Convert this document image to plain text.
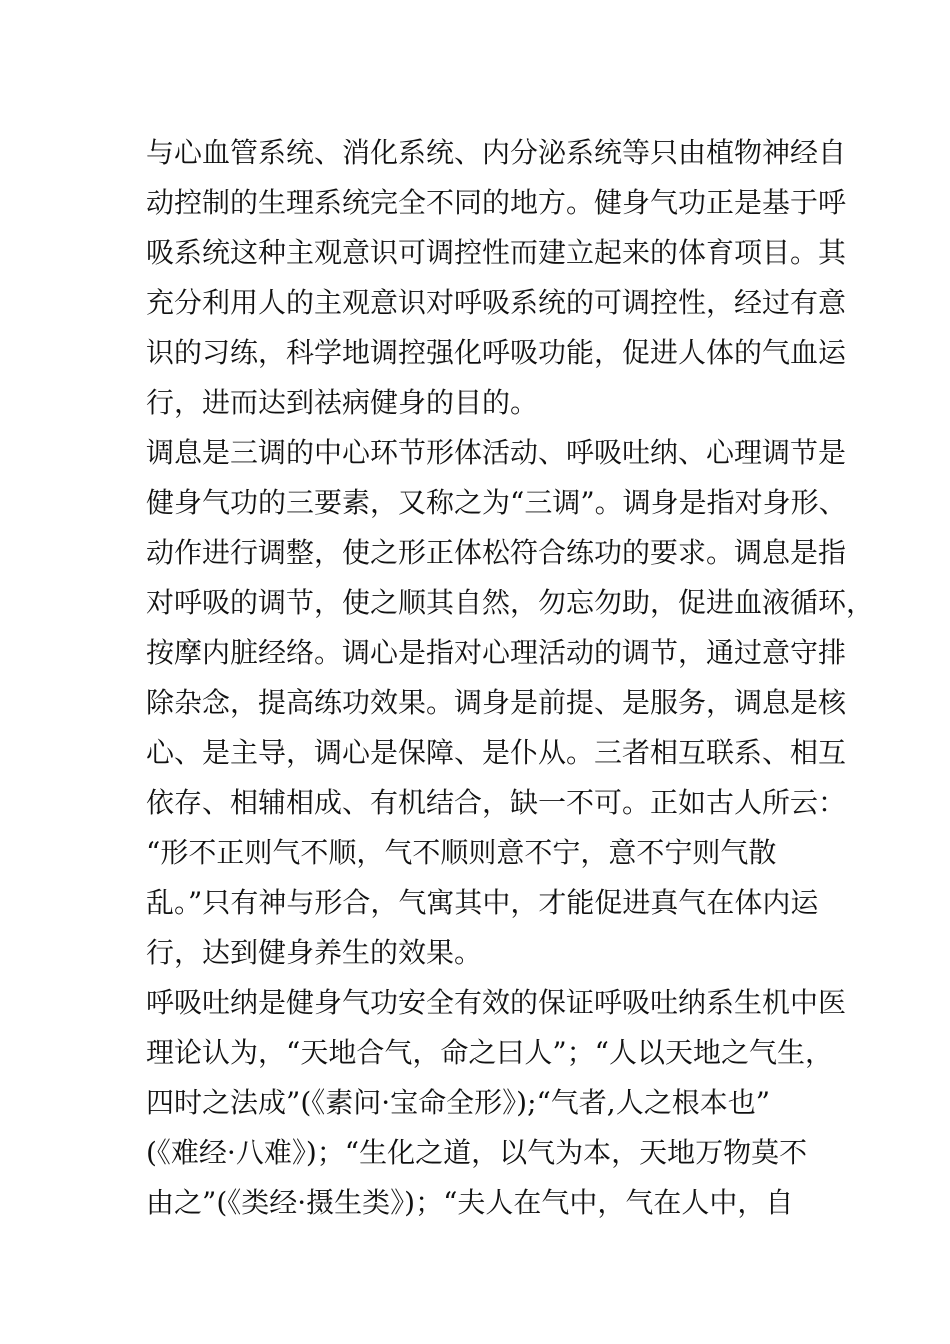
与心血管系统、消化系统、内分泌系统等只由植物神经自
动控制的生理系统完全不同的地方。健身气功正是基于呼
吸系统这种主观意识可调控性而建立起来的体育项目。其
充分利用人的主观意识对呼吸系统的可调控性，经过有意
识的习练，科学地调控强化呼吸功能，促进人体的气血运
行，进而达到祛病健身的目的。
调息是三调的中心环节形体活动、呼吸吐纳、心理调节是
健身气功的三要素，又称之为“三调”。调身是指对身形、
动作进行调整，使之形正体松符合练功的要求。调息是指
对呼吸的调节，使之顺其自然，勿忘勿助，促进血液循环，
按摩内脏经络。调心是指对心理活动的调节，通过意守排
除杂念，提高练功效果。调身是前提、是服务，调息是核
心、是主导，调心是保障、是仆从。三者相互联系、相互
依存、相辅相成、有机结合，缺一不可。正如古人所云：
“形不正则气不顺，气不顺则意不宁，意不宁则气散
乱。”只有神与形合，气寓其中，才能促进真气在体内运
行，达到健身养生的效果。
呼吸吐纳是健身气功安全有效的保证呼吸吐纳系生机中医
理论认为，“天地合气，命之曰人”；“人以天地之气生，
四时之法成”(《素问·宝命全形》);“气者,人之根本也”
(《难经·八难》)；“生化之道，以气为本，天地万物莫不
由之”(《类经·摄生类》)；“夫人在气中，气在人中，自
